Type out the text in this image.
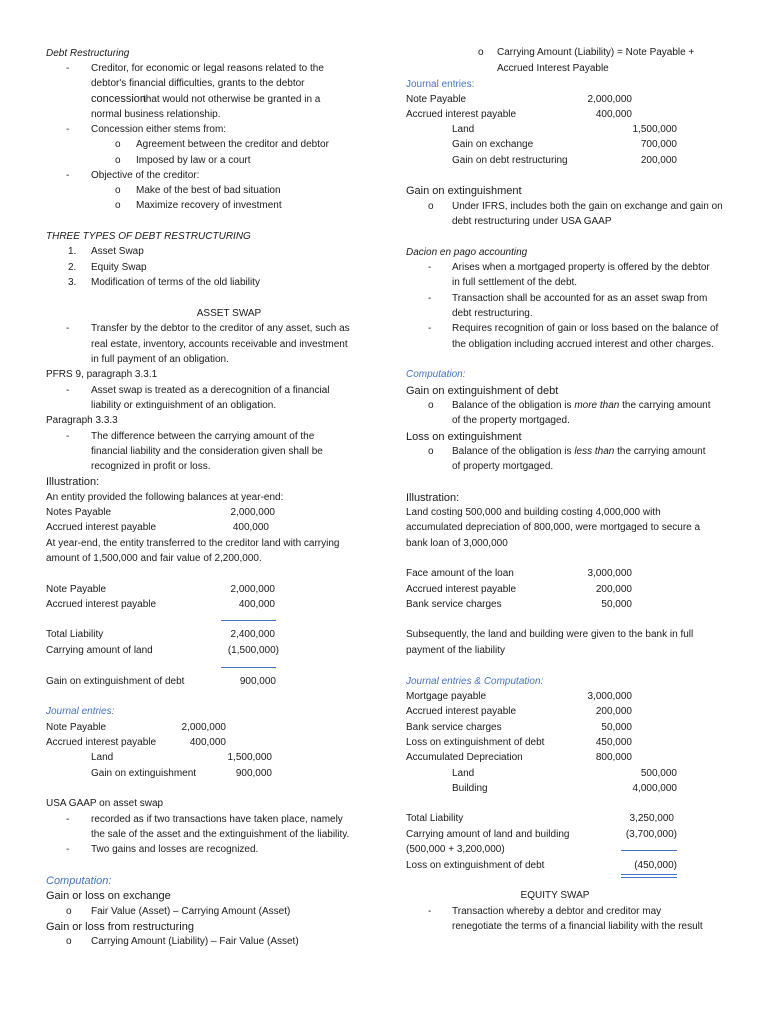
Debt Restructuring
- Creditor, for economic or legal reasons related to the
debtor's financial difficulties, grants to the debtor
concession
that would not otherwise be granted in a
normal business relationship.
- Concession either stems from:
o Agreement between the creditor and debtor
o Imposed by law or a court
- Objective of the creditor:
o Make of the best of bad situation
o Maximize recovery of investment
THREE TYPES OF DEBT RESTRUCTURING
1. Asset Swap
2. Equity Swap
3. Modification of terms of the old liability
ASSET SWAP
- Transfer by the debtor to the creditor of any asset, such as
real estate, inventory, accounts receivable and investment
in full payment of an obligation.
PFRS 9, paragraph 3.3.1
- Asset swap is treated as a derecognition of a financial
liability or extinguishment of an obligation.
Paragraph 3.3.3
- The difference between the carrying amount of the
financial liability and the consideration given shall be
recognized in profit or loss.
Illustration:
An entity provided the following balances at year-end:
Notes Payable	2,000,000
Accrued interest payable	400,000
At year-end, the entity transferred to the creditor land with carrying
amount of 1,500,000 and fair value of 2,200,000.
Note Payable	2,000,000
Accrued interest payable	400,000
Total Liability	2,400,000
Carrying amount of land	(1,500,000)
Gain on extinguishment of debt	900,000
Journal entries:
Note Payable	2,000,000
Accrued interest payable	400,000
Land	1,500,000
Gain on extinguishment	900,000
USA GAAP on asset swap
- recorded as if two transactions have taken place, namely
the sale of the asset and the extinguishment of the liability.
- Two gains and losses are recognized.
Computation:
Gain or loss on exchange
o Fair Value (Asset) – Carrying Amount (Asset)
Gain or loss from restructuring
o Carrying Amount (Liability) – Fair Value (Asset)
o Carrying Amount (Liability) = Note Payable +
Accrued Interest Payable
Journal entries:
Note Payable	2,000,000
Accrued interest payable	400,000
Land	1,500,000
Gain on exchange	700,000
Gain on debt restructuring	200,000
Gain on extinguishment
o Under IFRS, includes both the gain on exchange and gain on
debt restructuring under USA GAAP
Dacion en pago accounting
- Arises when a mortgaged property is offered by the debtor
in full settlement of the debt.
- Transaction shall be accounted for as an asset swap from
debt restructuring.
- Requires recognition of gain or loss based on the balance of
the obligation including accrued interest and other charges.
Computation:
Gain on extinguishment of debt
o Balance of the obligation is more than the carrying amount
of the property mortgaged.
Loss on extinguishment
o Balance of the obligation is less than the carrying amount
of property mortgaged.
Illustration:
Land costing 500,000 and building costing 4,000,000 with
accumulated depreciation of 800,000, were mortgaged to secure a
bank loan of 3,000,000
Face amount of the loan	3,000,000
Accrued interest payable	200,000
Bank service charges	50,000
Subsequently, the land and building were given to the bank in full
payment of the liability
Journal entries & Computation:
Mortgage payable	3,000,000
Accrued interest payable	200,000
Bank service charges	50,000
Loss on extinguishment of debt	450,000
Accumulated Depreciation	800,000
Land	500,000
Building	4,000,000
Total Liability	3,250,000
Carrying amount of land and building	(3,700,000)
(500,000 + 3,200,000)
Loss on extinguishment of debt	(450,000)
EQUITY SWAP
- Transaction whereby a debtor and creditor may
renegotiate the terms of a financial liability with the result
